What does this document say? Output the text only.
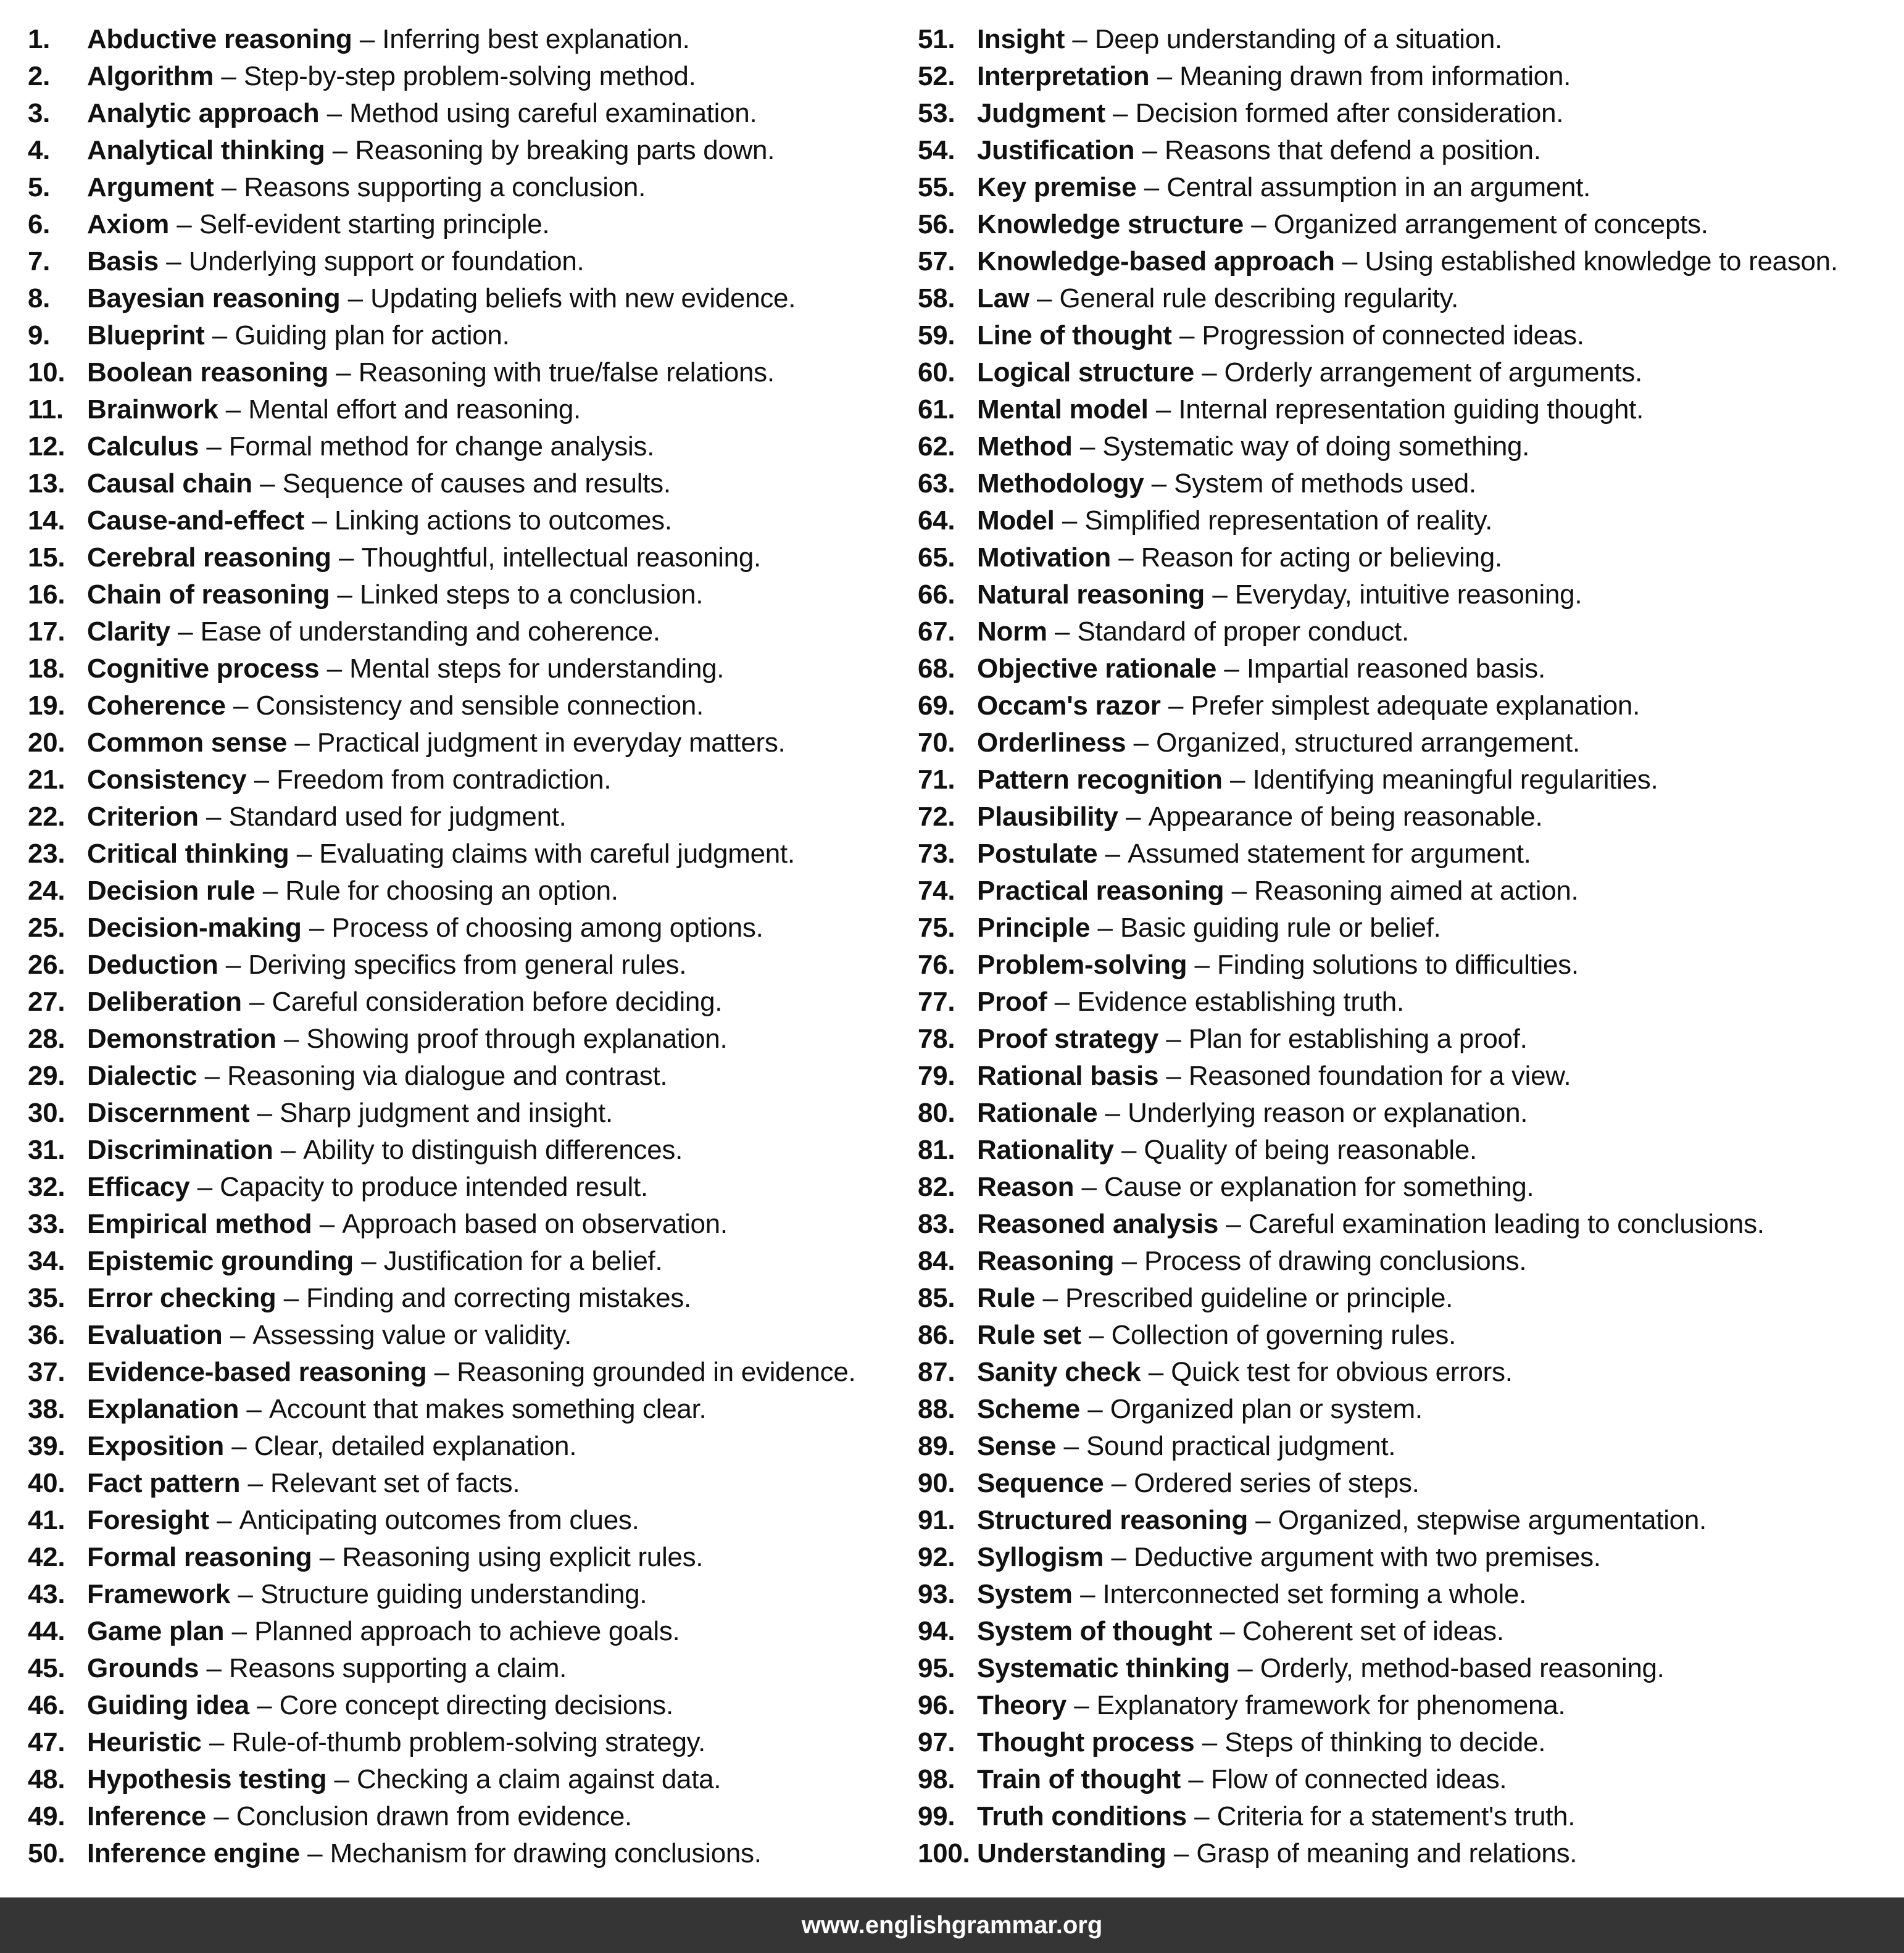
1.	Abductive reasoning – Inferring best explanation.
2.	Algorithm – Step-by-step problem-solving method.
3.	Analytic approach – Method using careful examination.
4.	Analytical thinking – Reasoning by breaking parts down.
5.	Argument – Reasons supporting a conclusion.
6.	Axiom – Self-evident starting principle.
7.	Basis – Underlying support or foundation.
8.	Bayesian reasoning – Updating beliefs with new evidence.
9.	Blueprint – Guiding plan for action.
10. Boolean reasoning – Reasoning with true/false relations.
11. Brainwork – Mental effort and reasoning.
12. Calculus – Formal method for change analysis.
13. Causal chain – Sequence of causes and results.
14. Cause-and-effect – Linking actions to outcomes.
15. Cerebral reasoning – Thoughtful, intellectual reasoning.
16. Chain of reasoning – Linked steps to a conclusion.
17. Clarity – Ease of understanding and coherence.
18. Cognitive process – Mental steps for understanding.
19. Coherence – Consistency and sensible connection.
20. Common sense – Practical judgment in everyday matters.
21. Consistency – Freedom from contradiction.
22. Criterion – Standard used for judgment.
23. Critical thinking – Evaluating claims with careful judgment.
24. Decision rule – Rule for choosing an option.
25. Decision-making – Process of choosing among options.
26. Deduction – Deriving specifics from general rules.
27. Deliberation – Careful consideration before deciding.
28. Demonstration – Showing proof through explanation.
29. Dialectic – Reasoning via dialogue and contrast.
30. Discernment – Sharp judgment and insight.
31. Discrimination – Ability to distinguish differences.
32. Efficacy – Capacity to produce intended result.
33. Empirical method – Approach based on observation.
34. Epistemic grounding – Justification for a belief.
35. Error checking – Finding and correcting mistakes.
36. Evaluation – Assessing value or validity.
37. Evidence-based reasoning – Reasoning grounded in evidence.
38. Explanation – Account that makes something clear.
39. Exposition – Clear, detailed explanation.
40. Fact pattern – Relevant set of facts.
41. Foresight – Anticipating outcomes from clues.
42. Formal reasoning – Reasoning using explicit rules.
43. Framework – Structure guiding understanding.
44. Game plan – Planned approach to achieve goals.
45. Grounds – Reasons supporting a claim.
46. Guiding idea – Core concept directing decisions.
47. Heuristic – Rule-of-thumb problem-solving strategy.
48. Hypothesis testing – Checking a claim against data.
49. Inference – Conclusion drawn from evidence.
50. Inference engine – Mechanism for drawing conclusions.
51. Insight – Deep understanding of a situation.
52. Interpretation – Meaning drawn from information.
53. Judgment – Decision formed after consideration.
54. Justification – Reasons that defend a position.
55. Key premise – Central assumption in an argument.
56. Knowledge structure – Organized arrangement of concepts.
57. Knowledge-based approach – Using established knowledge to reason.
58. Law – General rule describing regularity.
59. Line of thought – Progression of connected ideas.
60. Logical structure – Orderly arrangement of arguments.
61. Mental model – Internal representation guiding thought.
62. Method – Systematic way of doing something.
63. Methodology – System of methods used.
64. Model – Simplified representation of reality.
65. Motivation – Reason for acting or believing.
66. Natural reasoning – Everyday, intuitive reasoning.
67. Norm – Standard of proper conduct.
68. Objective rationale – Impartial reasoned basis.
69. Occam's razor – Prefer simplest adequate explanation.
70. Orderliness – Organized, structured arrangement.
71. Pattern recognition – Identifying meaningful regularities.
72. Plausibility – Appearance of being reasonable.
73. Postulate – Assumed statement for argument.
74. Practical reasoning – Reasoning aimed at action.
75. Principle – Basic guiding rule or belief.
76. Problem-solving – Finding solutions to difficulties.
77. Proof – Evidence establishing truth.
78. Proof strategy – Plan for establishing a proof.
79. Rational basis – Reasoned foundation for a view.
80. Rationale – Underlying reason or explanation.
81. Rationality – Quality of being reasonable.
82. Reason – Cause or explanation for something.
83. Reasoned analysis – Careful examination leading to conclusions.
84. Reasoning – Process of drawing conclusions.
85. Rule – Prescribed guideline or principle.
86. Rule set – Collection of governing rules.
87. Sanity check – Quick test for obvious errors.
88. Scheme – Organized plan or system.
89. Sense – Sound practical judgment.
90. Sequence – Ordered series of steps.
91. Structured reasoning – Organized, stepwise argumentation.
92. Syllogism – Deductive argument with two premises.
93. System – Interconnected set forming a whole.
94. System of thought – Coherent set of ideas.
95. Systematic thinking – Orderly, method-based reasoning.
96. Theory – Explanatory framework for phenomena.
97. Thought process – Steps of thinking to decide.
98. Train of thought – Flow of connected ideas.
99. Truth conditions – Criteria for a statement's truth.
100. Understanding – Grasp of meaning and relations.
www.englishgrammar.org
